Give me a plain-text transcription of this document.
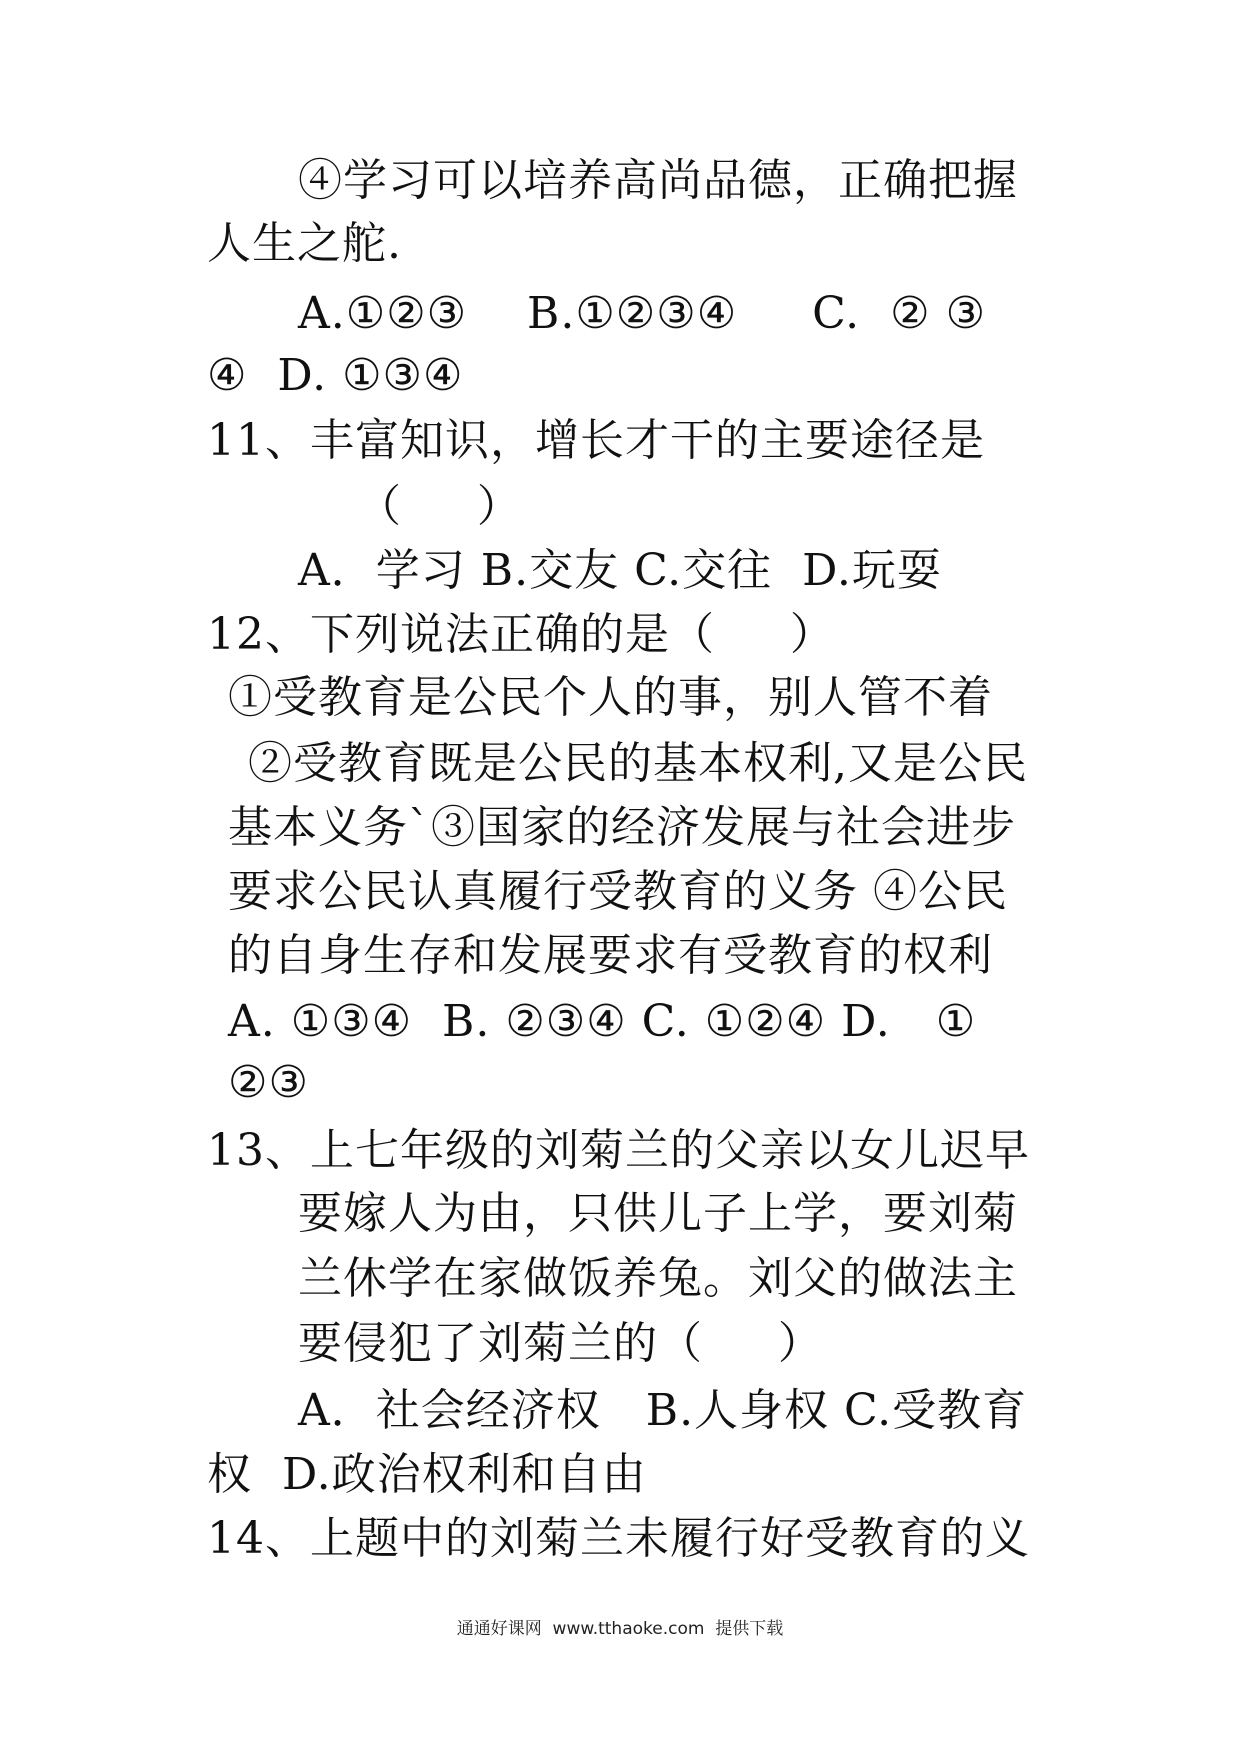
④学习可以培养高尚品德，正确把握
人生之舵.
A.①②③    B.①②③④     C.  ② ③
④  D. ①③④
11、丰富知识，增长才干的主要途径是
（     ）
A．学习 B.交友 C.交往  D.玩耍
12、下列说法正确的是（     ）
①受教育是公民个人的事，别人管不着
②受教育既是公民的基本权利,又是公民
基本义务`③国家的经济发展与社会进步
要求公民认真履行受教育的义务 ④公民
的自身生存和发展要求有受教育的权利
A. ①③④  B. ②③④ C. ①②④ D.   ①
②③
13、上七年级的刘菊兰的父亲以女儿迟早
要嫁人为由，只供儿子上学，要刘菊
兰休学在家做饭养兔。刘父的做法主
要侵犯了刘菊兰的（     ）
A．社会经济权   B.人身权 C.受教育
权  D.政治权利和自由
14、上题中的刘菊兰未履行好受教育的义
通通好课网  www.tthaoke.com  提供下载
